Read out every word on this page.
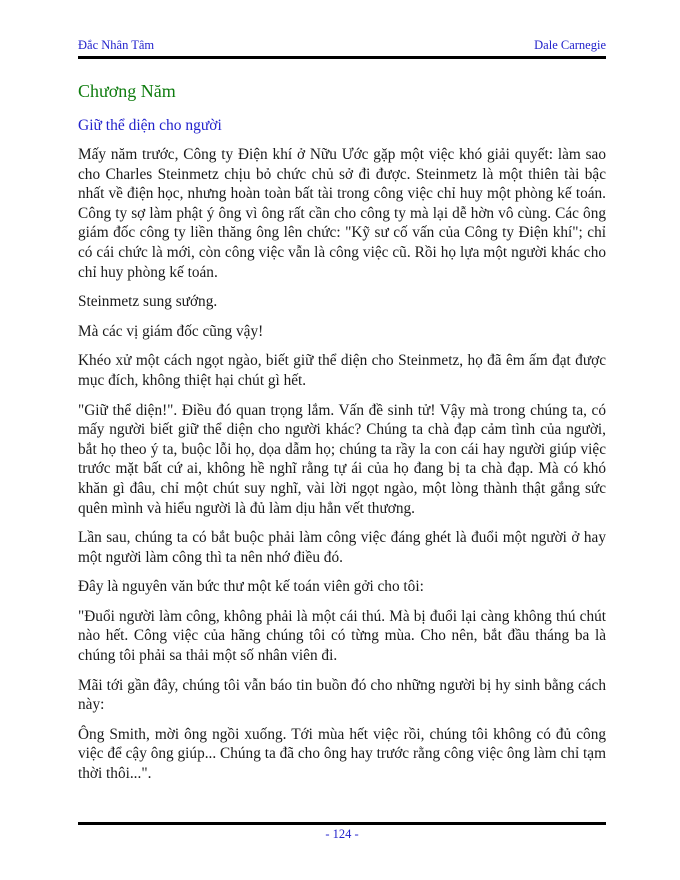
Đắc Nhân Tâm	Dale Carnegie
Chương Năm
Giữ thể diện cho người

Mấy năm trước, Công ty Điện khí ở Nữu Ước gặp một việc khó giải quyết: làm sao cho Charles Steinmetz chịu bỏ chức chủ sở đi được. Steinmetz là một thiên tài bậc nhất về điện học, nhưng hoàn toàn bất tài trong công việc chỉ huy một phòng kế toán. Công ty sợ làm phật ý ông vì ông rất cần cho công ty mà lại dễ hờn vô cùng. Các ông giám đốc công ty liền thăng ông lên chức: "Kỹ sư cố vấn của Công ty Điện khí"; chỉ có cái chức là mới, còn công việc vẫn là công việc cũ. Rồi họ lựa một người khác cho chỉ huy phòng kế toán.

Steinmetz sung sướng.

Mà các vị giám đốc cũng vậy!

Khéo xử một cách ngọt ngào, biết giữ thể diện cho Steinmetz, họ đã êm ấm đạt được mục đích, không thiệt hại chút gì hết.

"Giữ thể diện!". Điều đó quan trọng lắm. Vấn đề sinh tử! Vậy mà trong chúng ta, có mấy người biết giữ thể diện cho người khác? Chúng ta chà đạp cảm tình của người, bắt họ theo ý ta, buộc lỗi họ, dọa dẫm họ; chúng ta rầy la con cái hay người giúp việc trước mặt bất cứ ai, không hề nghĩ rằng tự ái của họ đang bị ta chà đạp. Mà có khó khăn gì đâu, chỉ một chút suy nghĩ, vài lời ngọt ngào, một lòng thành thật gắng sức quên mình và hiểu người là đủ làm dịu hẳn vết thương.

Lần sau, chúng ta có bắt buộc phải làm công việc đáng ghét là đuổi một người ở hay một người làm công thì ta nên nhớ điều đó.

Đây là nguyên văn bức thư một kế toán viên gởi cho tôi:

"Đuổi người làm công, không phải là một cái thú. Mà bị đuổi lại càng không thú chút nào hết. Công việc của hãng chúng tôi có từng mùa. Cho nên, bắt đầu tháng ba là chúng tôi phải sa thải một số nhân viên đi.

Mãi tới gần đây, chúng tôi vẫn báo tin buồn đó cho những người bị hy sinh bằng cách này:

Ông Smith, mời ông ngồi xuống. Tới mùa hết việc rồi, chúng tôi không có đủ công việc để cậy ông giúp... Chúng ta đã cho ông hay trước rằng công việc ông làm chỉ tạm thời thôi...".

- 124 -
